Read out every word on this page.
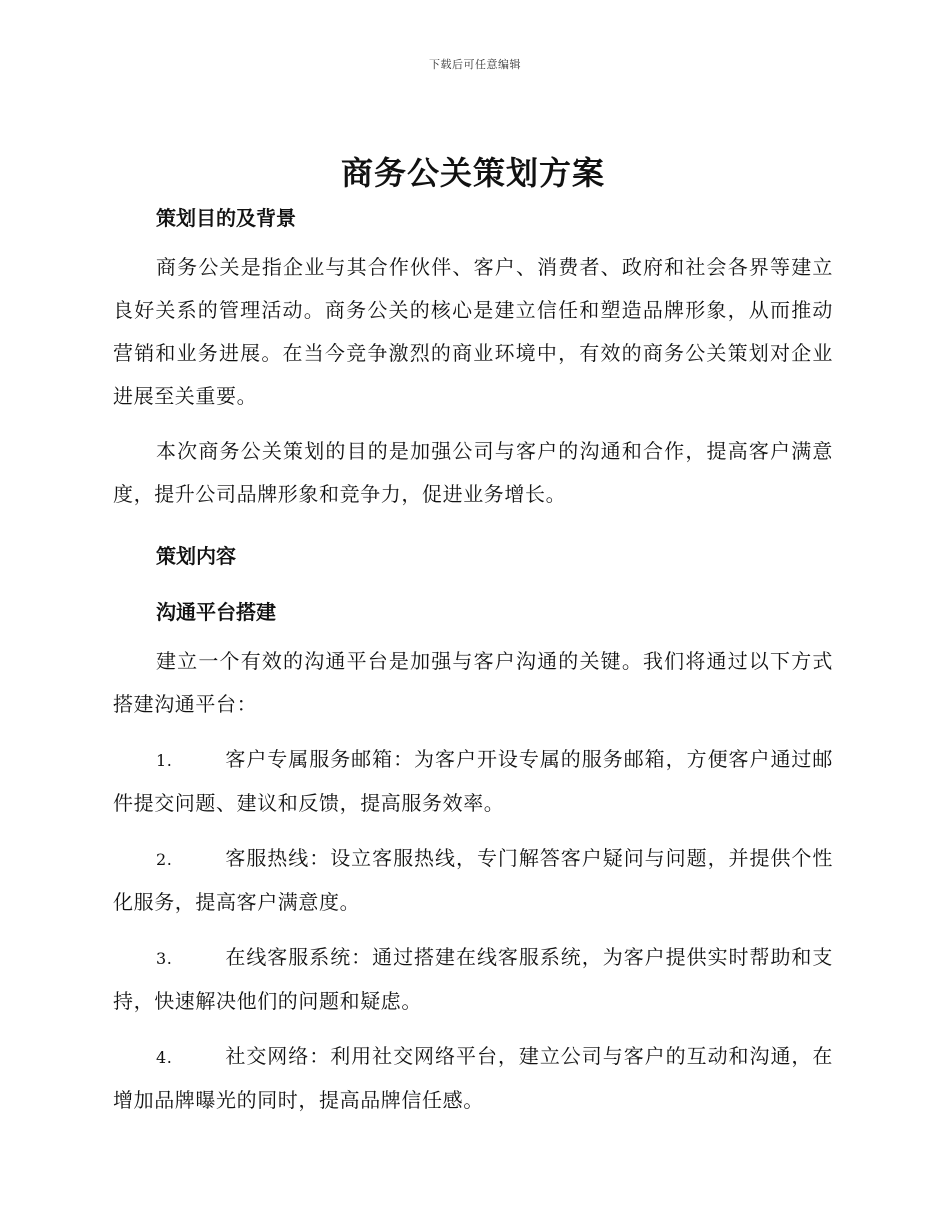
下载后可任意编辑
商务公关策划方案
策划目的及背景

商务公关是指企业与其合作伙伴、客户、消费者、政府和社会各界等建立良好关系的管理活动。商务公关的核心是建立信任和塑造品牌形象，从而推动营销和业务进展。在当今竞争激烈的商业环境中，有效的商务公关策划对企业进展至关重要。

本次商务公关策划的目的是加强公司与客户的沟通和合作，提高客户满意度，提升公司品牌形象和竞争力，促进业务增长。

策划内容
沟通平台搭建

建立一个有效的沟通平台是加强与客户沟通的关键。我们将通过以下方式搭建沟通平台：

1.	客户专属服务邮箱：为客户开设专属的服务邮箱，方便客户通过邮件提交问题、建议和反馈，提高服务效率。

2.	客服热线：设立客服热线，专门解答客户疑问与问题，并提供个性化服务，提高客户满意度。

3.	在线客服系统：通过搭建在线客服系统，为客户提供实时帮助和支持，快速解决他们的问题和疑虑。

4.	社交网络：利用社交网络平台，建立公司与客户的互动和沟通，在增加品牌曝光的同时，提高品牌信任感。
